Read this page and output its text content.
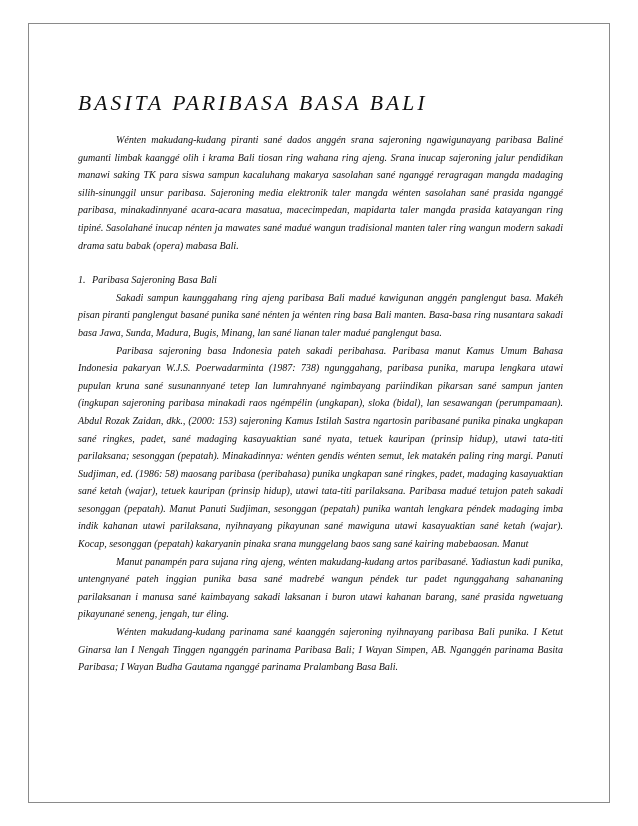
BASITA PARIBASA BASA BALI

Wénten makudang-kudang piranti sané dados anggén srana sajeroning ngawigunayang paribasa Baliné gumanti limbak kaanggé olih i krama Bali tiosan ring wahana ring ajeng. Srana inucap sajeroning jalur pendidikan manawi saking TK para siswa sampun kacaluhang makarya sasolahan sané nganggé reragragan mangda madaging silih-sinunggil unsur paribasa. Sajeroning media elektronik taler mangda wénten sasolahan sané prasida nganggé paribasa, minakadinnyané acara-acara masatua, macecimpedan, mapidarta taler mangda prasida katayangan ring tipiné. Sasolahané inucap nénten ja mawates sané madué wangun tradisional manten taler ring wangun modern sakadi drama satu babak (opera) mabasa Bali.

1. Paribasa Sajeroning Basa Bali

Sakadi sampun kaunggahang ring ajeng paribasa Bali madué kawigunan anggén panglengut basa. Makéh pisan piranti panglengut basané punika sané nénten ja wénten ring basa Bali manten. Basa-basa ring nusantara sakadi basa Jawa, Sunda, Madura, Bugis, Minang, lan sané lianan taler madué panglengut basa.

Paribasa sajeroning basa Indonesia pateh sakadi peribahasa. Paribasa manut Kamus Umum Bahasa Indonesia pakaryan W.J.S. Poerwadarminta (1987: 738) ngunggahang, paribasa punika, marupa lengkara utawi pupulan kruna sané susunannyané tetep lan lumrahnyané ngimbayang pariindikan pikarsan sané sampun janten (ingkupan sajeroning paribasa minakadi raos ngémpélin (ungkapan), sloka (bidal), lan sesawangan (perumpamaan). Abdul Rozak Zaidan, dkk., (2000: 153) sajeroning Kamus Istilah Sastra ngartosin paribasané punika pinaka ungkapan sané ringkes, padet, sané madaging kasayuaktian sané nyata, tetuek kauripan (prinsip hidup), utawi tata-titi parilaksana; sesonggan (pepatah). Minakadinnya: wénten gendis wénten semut, lek matakén paling ring margi. Panuti Sudjiman, ed. (1986: 58) maosang paribasa (peribahasa) punika ungkapan sané ringkes, padet, madaging kasayuaktian sané ketah (wajar), tetuek kauripan (prinsip hidup), utawi tata-titi parilaksana. Paribasa madué tetujon pateh sakadi sesonggan (pepatah). Manut Panuti Sudjiman, sesonggan (pepatah) punika wantah lengkara péndek madaging imba indik kahanan utawi parilaksana, nyihnayang pikayunan sané mawiguna utawi kasayuaktian sané ketah (wajar). Kocap, sesonggan (pepatah) kakaryanin pinaka srana munggelang baos sang sané kairing mabebaosan. Manut

Manut panampén para sujana ring ajeng, wénten makudang-kudang artos paribasané. Yadiastun kadi punika, untengnyané pateh inggian punika basa sané madrebé wangun péndek tur padet ngunggahang sahananing parilaksanan i manusa sané kaimbayang sakadi laksanan i buron utawi kahanan barang, sané prasida ngwetuang pikayunané seneng, jengah, tur éling.

Wénten makudang-kudang parinama sané kaanggén sajeroning nyihnayang paribasa Bali punika. I Ketut Ginarsa lan I Nengah Tinggen nganggén parinama Paribasa Bali; I Wayan Simpen, AB. Nganggén parinama Basita Paribasa; I Wayan Budha Gautama nganggé parinama Pralambang Basa Bali.
